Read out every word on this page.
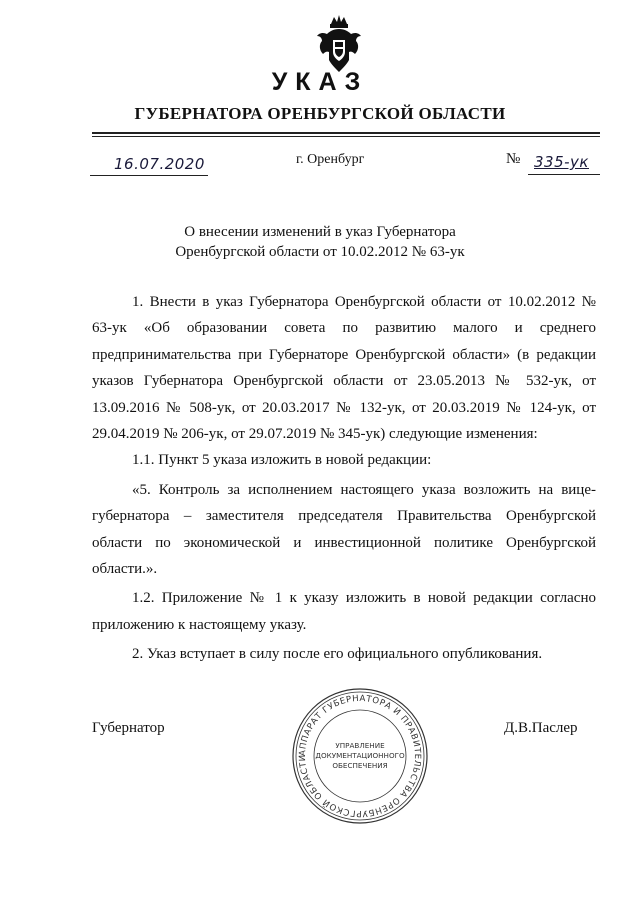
УКАЗ
ГУБЕРНАТОРА ОРЕНБУРГСКОЙ ОБЛАСТИ
16.07.2020	г. Оренбург	№ 335-ук
О внесении изменений в указ Губернатора
Оренбургской области от 10.02.2012 № 63-ук

1. Внести в указ Губернатора Оренбургской области от 10.02.2012 № 63-ук «Об образовании совета по развитию малого и среднего предпринимательства при Губернаторе Оренбургской области» (в редакции указов Губернатора Оренбургской области от 23.05.2013 № 532-ук, от 13.09.2016 № 508-ук, от 20.03.2017 № 132-ук, от 20.03.2019 № 124-ук, от 29.04.2019 № 206-ук, от 29.07.2019 № 345-ук) следующие изменения:

1.1. Пункт 5 указа изложить в новой редакции:

«5. Контроль за исполнением настоящего указа возложить на вице-губернатора – заместителя председателя Правительства Оренбургской области по экономической и инвестиционной политике Оренбургской области.».

1.2. Приложение № 1 к указу изложить в новой редакции согласно приложению к настоящему указу.

2. Указ вступает в силу после его официального опубликования.

Губернатор	Д.В.Паслер
АППАРАТ ГУБЕРНАТОРА И ПРАВИТЕЛЬСТВА ОРЕНБУРГСКОЙ ОБЛАСТИ
УПРАВЛЕНИЕ
ДОКУМЕНТАЦИОННОГО
ОБЕСПЕЧЕНИЯ
